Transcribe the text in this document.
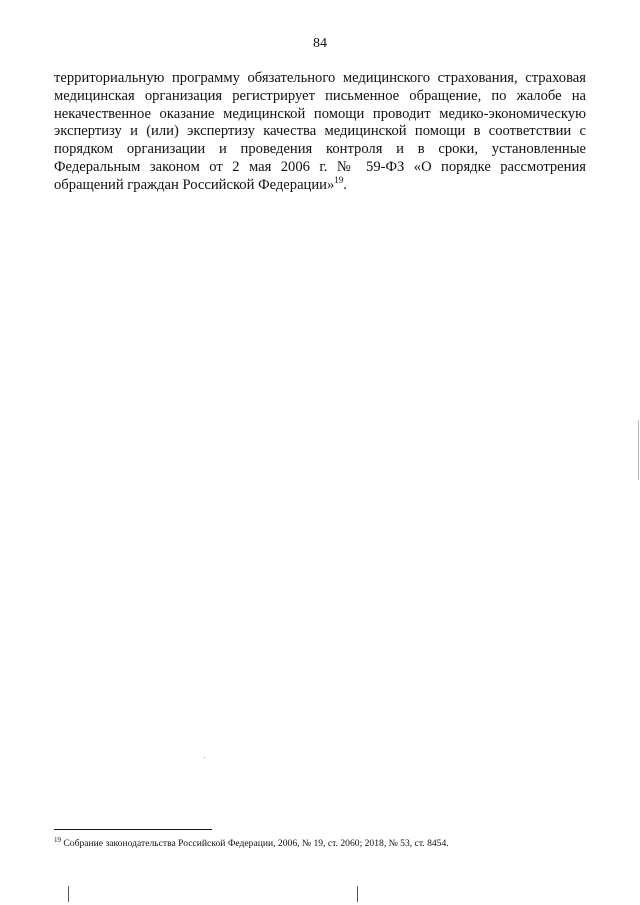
84
территориальную программу обязательного медицинского страхования, страховая
медицинская организация регистрирует письменное обращение, по жалобе на
некачественное оказание медицинской помощи проводит медико-экономическую
экспертизу и (или) экспертизу качества медицинской помощи в соответствии с
порядком организации и проведения контроля и в сроки, установленные
Федеральным законом от 2 мая 2006 г. № 59-ФЗ «О порядке рассмотрения
обращений граждан Российской Федерации»$^{19}$.
$^{19}$ Собрание законодательства Российской Федерации, 2006, № 19, ст. 2060; 2018, № 53, ст. 8454.
